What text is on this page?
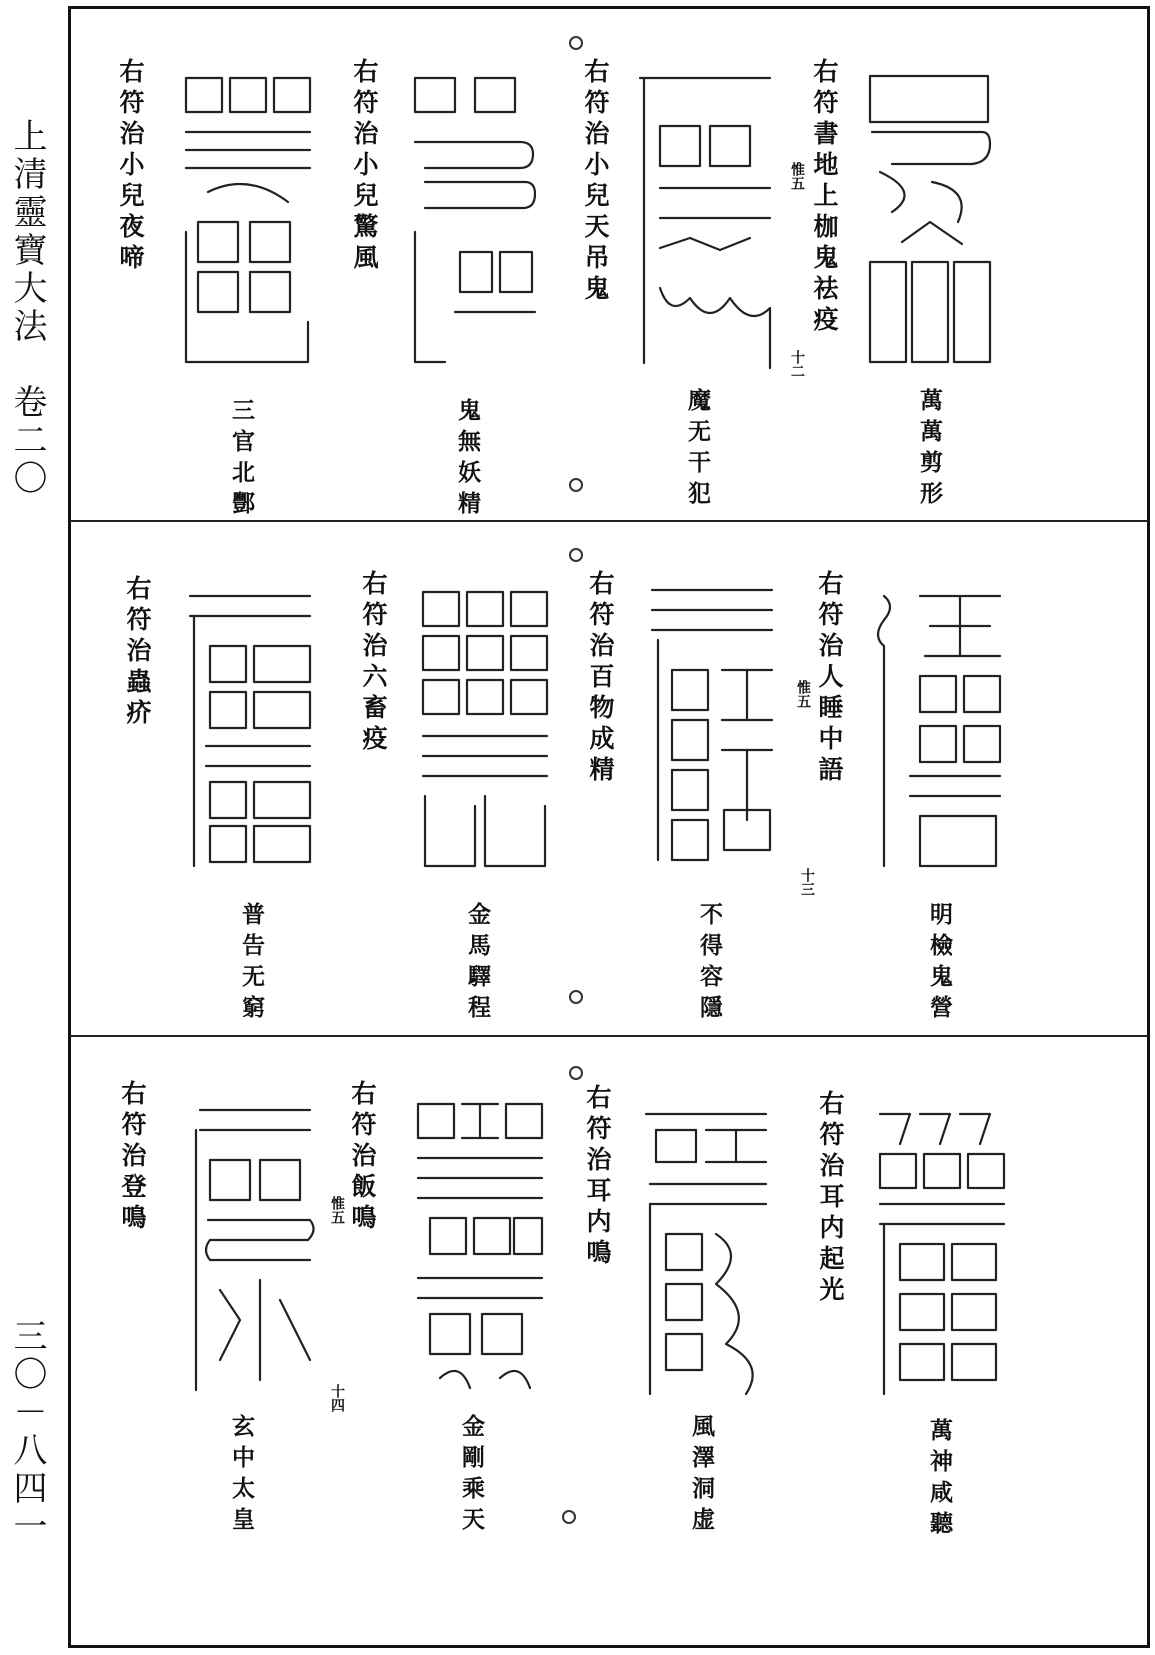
上清靈寶大法　卷二〇
三〇－八四一
右符書地上枷鬼祛疫
惟五
萬萬剪形
右符治小兒天吊鬼
魔无干犯
右符治小兒驚風
鬼無妖精
右符治小兒夜啼
三官北酆
十二
右符治人睡中語
惟五
明檢鬼營
右符治百物成精
不得容隱
右符治六畜疫
金馬驛程
右符治蟲疥
普告无窮
十三
右符治耳内起光
萬神咸聽
右符治耳内鳴
風澤洞虚
右符治飯鳴
惟五
金剛乘天
右符治登鳴
玄中太皇
十四
